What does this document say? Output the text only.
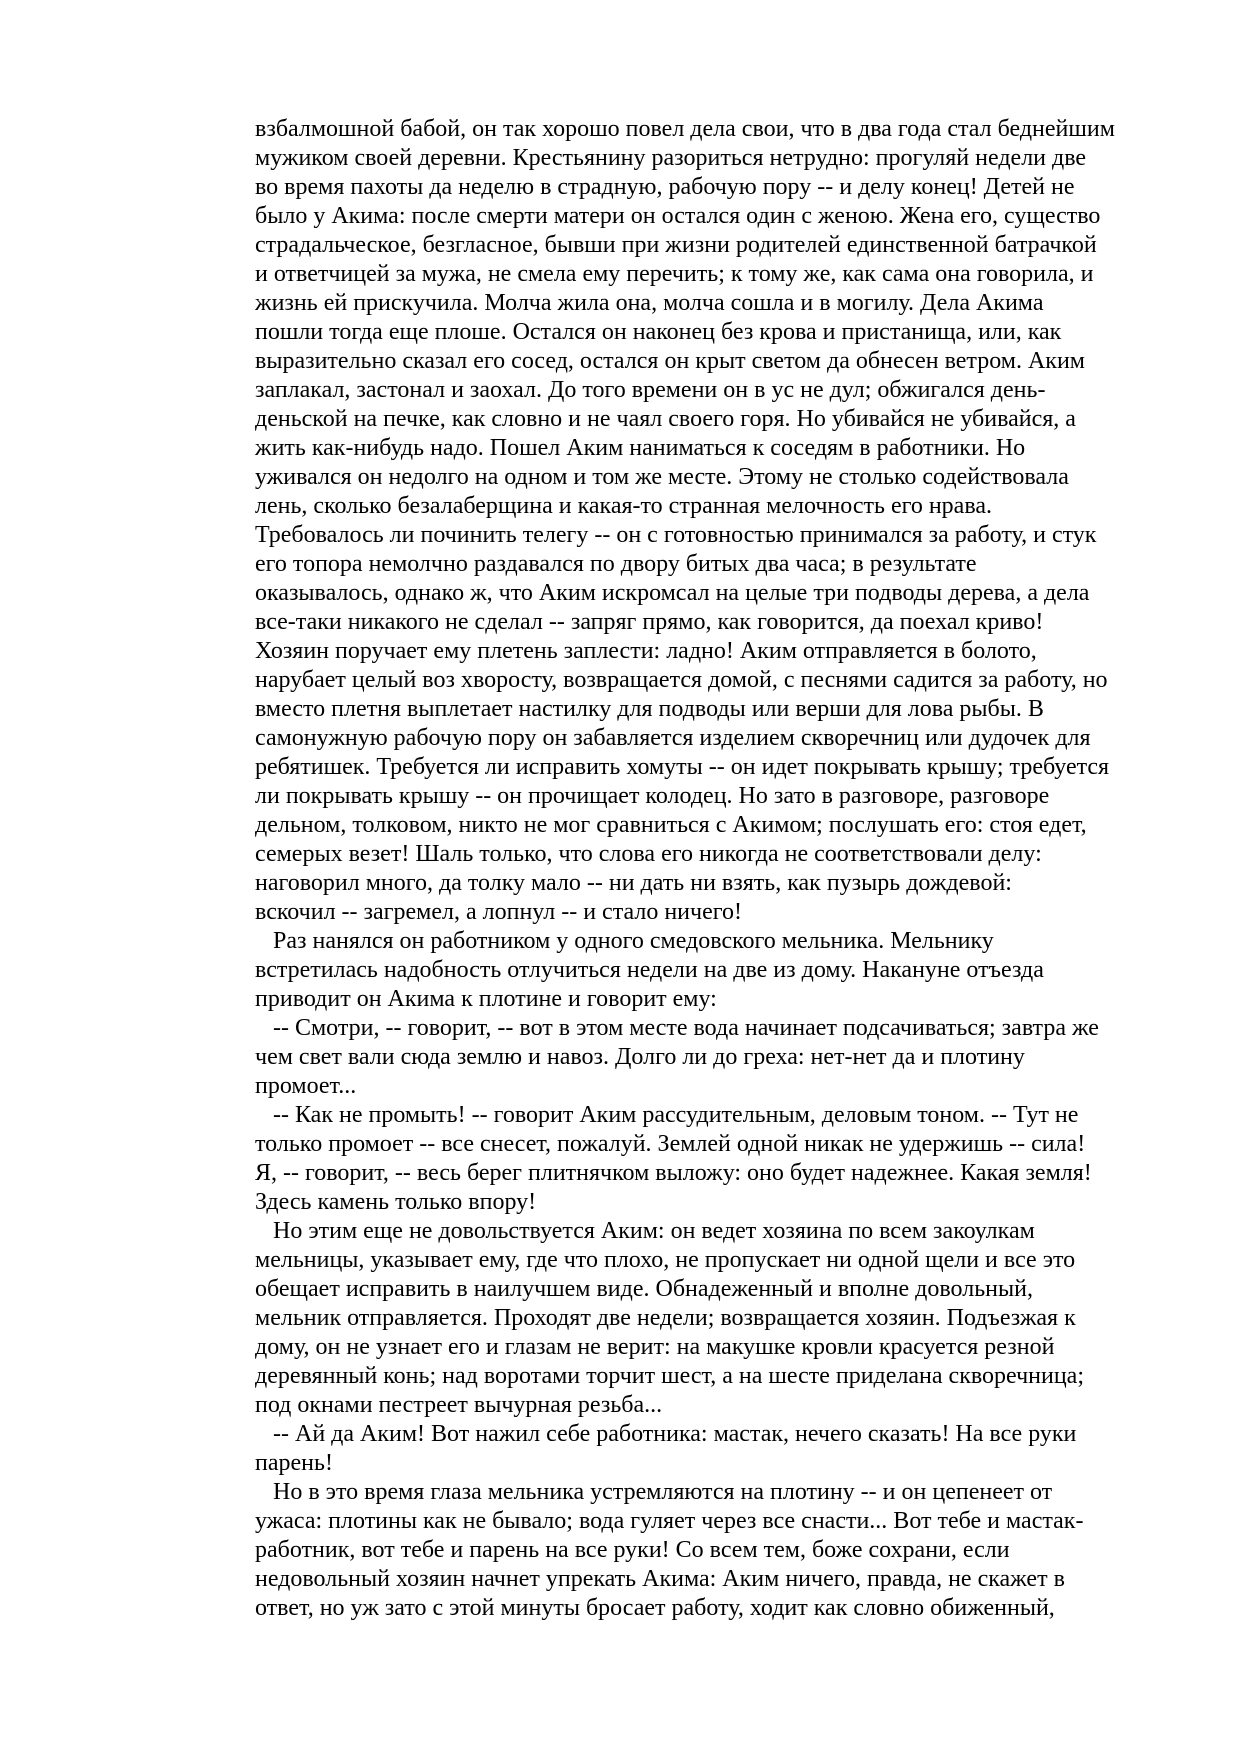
взбалмошной бабой, он так хорошо повел дела свои, что в два года стал беднейшим
мужиком своей деревни. Крестьянину разориться нетрудно: прогуляй недели две
во время пахоты да неделю в страдную, рабочую пору -- и делу конец! Детей не
было у Акима: после смерти матери он остался один с женою. Жена его, существо
страдальческое, безгласное, бывши при жизни родителей единственной батрачкой
и ответчицей за мужа, не смела ему перечить; к тому же, как сама она говорила, и
жизнь ей прискучила. Молча жила она, молча сошла и в могилу. Дела Акима
пошли тогда еще плоше. Остался он наконец без крова и пристанища, или, как
выразительно сказал его сосед, остался он крыт светом да обнесен ветром. Аким
заплакал, застонал и заохал. До того времени он в ус не дул; обжигался день-
деньской на печке, как словно и не чаял своего горя. Но убивайся не убивайся, а
жить как-нибудь надо. Пошел Аким наниматься к соседям в работники. Но
уживался он недолго на одном и том же месте. Этому не столько содействовала
лень, сколько безалаберщина и какая-то странная мелочность его нрава.
Требовалось ли починить телегу -- он с готовностью принимался за работу, и стук
его топора немолчно раздавался по двору битых два часа; в результате
оказывалось, однако ж, что Аким искромсал на целые три подводы дерева, а дела
все-таки никакого не сделал -- запряг прямо, как говорится, да поехал криво!
Хозяин поручает ему плетень заплести: ладно! Аким отправляется в болото,
нарубает целый воз хворосту, возвращается домой, с песнями садится за работу, но
вместо плетня выплетает настилку для подводы или верши для лова рыбы. В
самонужную рабочую пору он забавляется изделием скворечниц или дудочек для
ребятишек. Требуется ли исправить хомуты -- он идет покрывать крышу; требуется
ли покрывать крышу -- он прочищает колодец. Но зато в разговоре, разговоре
дельном, толковом, никто не мог сравниться с Акимом; послушать его: стоя едет,
семерых везет! Шаль только, что слова его никогда не соответствовали делу:
наговорил много, да толку мало -- ни дать ни взять, как пузырь дождевой:
вскочил -- загремел, а лопнул -- и стало ничего!
Раз нанялся он работником у одного смедовского мельника. Мельнику
встретилась надобность отлучиться недели на две из дому. Накануне отъезда
приводит он Акима к плотине и говорит ему:
-- Смотри, -- говорит, -- вот в этом месте вода начинает подсачиваться; завтра же
чем свет вали сюда землю и навоз. Долго ли до греха: нет-нет да и плотину
промоет...
-- Как не промыть! -- говорит Аким рассудительным, деловым тоном. -- Тут не
только промоет -- все снесет, пожалуй. Землей одной никак не удержишь -- сила!
Я, -- говорит, -- весь берег плитнячком выложу: оно будет надежнее. Какая земля!
Здесь камень только впору!
Но этим еще не довольствуется Аким: он ведет хозяина по всем закоулкам
мельницы, указывает ему, где что плохо, не пропускает ни одной щели и все это
обещает исправить в наилучшем виде. Обнадеженный и вполне довольный,
мельник отправляется. Проходят две недели; возвращается хозяин. Подъезжая к
дому, он не узнает его и глазам не верит: на макушке кровли красуется резной
деревянный конь; над воротами торчит шест, а на шесте приделана скворечница;
под окнами пестреет вычурная резьба...
-- Ай да Аким! Вот нажил себе работника: мастак, нечего сказать! На все руки
парень!
Но в это время глаза мельника устремляются на плотину -- и он цепенеет от
ужаса: плотины как не бывало; вода гуляет через все снасти... Вот тебе и мастак-
работник, вот тебе и парень на все руки! Со всем тем, боже сохрани, если
недовольный хозяин начнет упрекать Акима: Аким ничего, правда, не скажет в
ответ, но уж зато с этой минуты бросает работу, ходит как словно обиженный,
